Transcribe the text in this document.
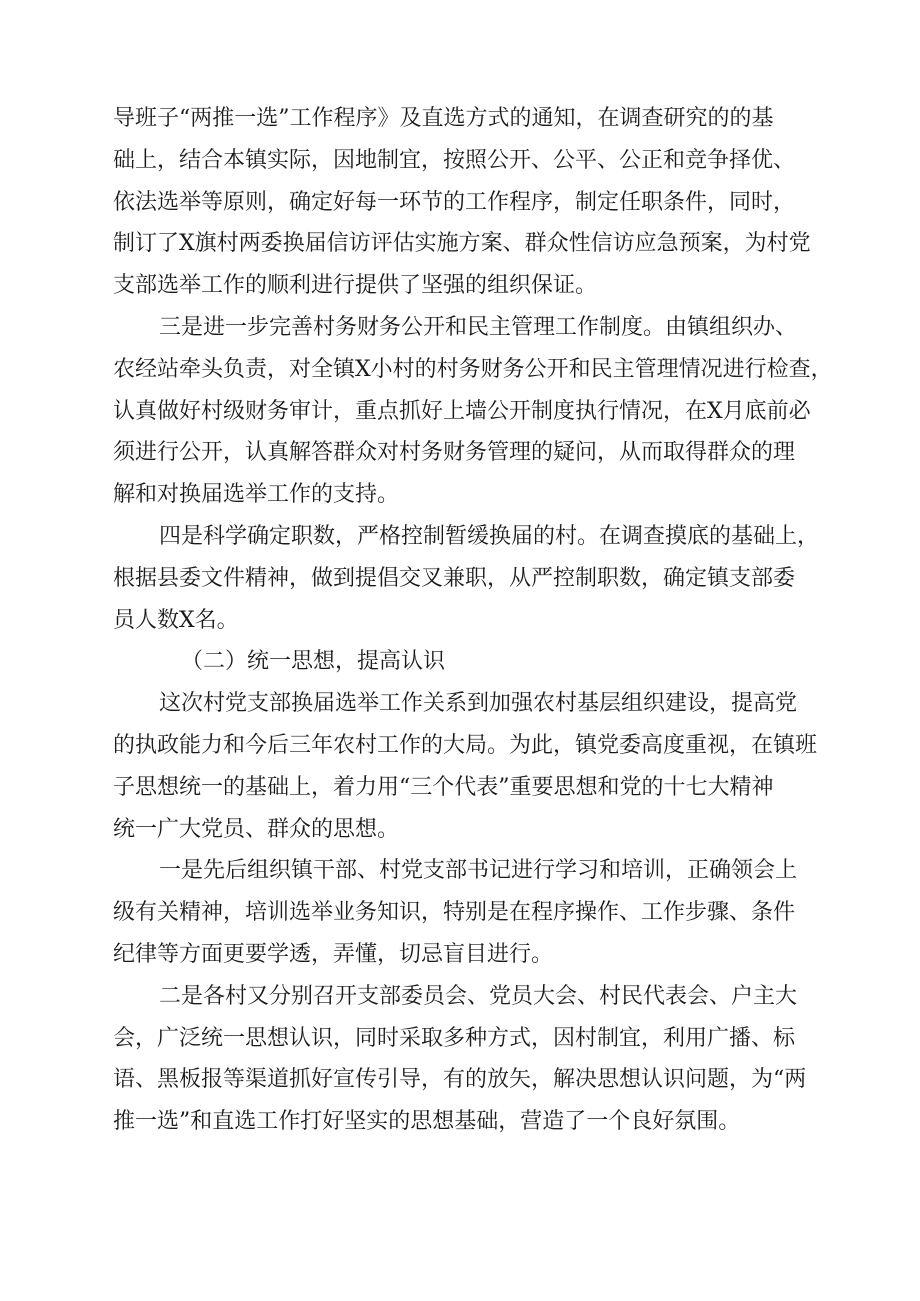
导班子“两推一选”工作程序》及直选方式的通知，在调查研究的的基
础上，结合本镇实际，因地制宜，按照公开、公平、公正和竞争择优、
依法选举等原则，确定好每一环节的工作程序，制定任职条件，同时，
制订了X旗村两委换届信访评估实施方案、群众性信访应急预案，为村党
支部选举工作的顺利进行提供了坚强的组织保证。
三是进一步完善村务财务公开和民主管理工作制度。由镇组织办、
农经站牵头负责，对全镇X小村的村务财务公开和民主管理情况进行检查，
认真做好村级财务审计，重点抓好上墙公开制度执行情况，在X月底前必
须进行公开，认真解答群众对村务财务管理的疑问，从而取得群众的理
解和对换届选举工作的支持。
四是科学确定职数，严格控制暂缓换届的村。在调查摸底的基础上，
根据县委文件精神，做到提倡交叉兼职，从严控制职数，确定镇支部委
员人数X名。
（二）统一思想，提高认识
这次村党支部换届选举工作关系到加强农村基层组织建设，提高党
的执政能力和今后三年农村工作的大局。为此，镇党委高度重视，在镇班
子思想统一的基础上，着力用“三个代表”重要思想和党的十七大精神
统一广大党员、群众的思想。
一是先后组织镇干部、村党支部书记进行学习和培训，正确领会上
级有关精神，培训选举业务知识，特别是在程序操作、工作步骤、条件
纪律等方面更要学透，弄懂，切忌盲目进行。
二是各村又分别召开支部委员会、党员大会、村民代表会、户主大
会，广泛统一思想认识，同时采取多种方式，因村制宜，利用广播、标
语、黑板报等渠道抓好宣传引导，有的放矢，解决思想认识问题，为“两
推一选”和直选工作打好坚实的思想基础，营造了一个良好氛围。
